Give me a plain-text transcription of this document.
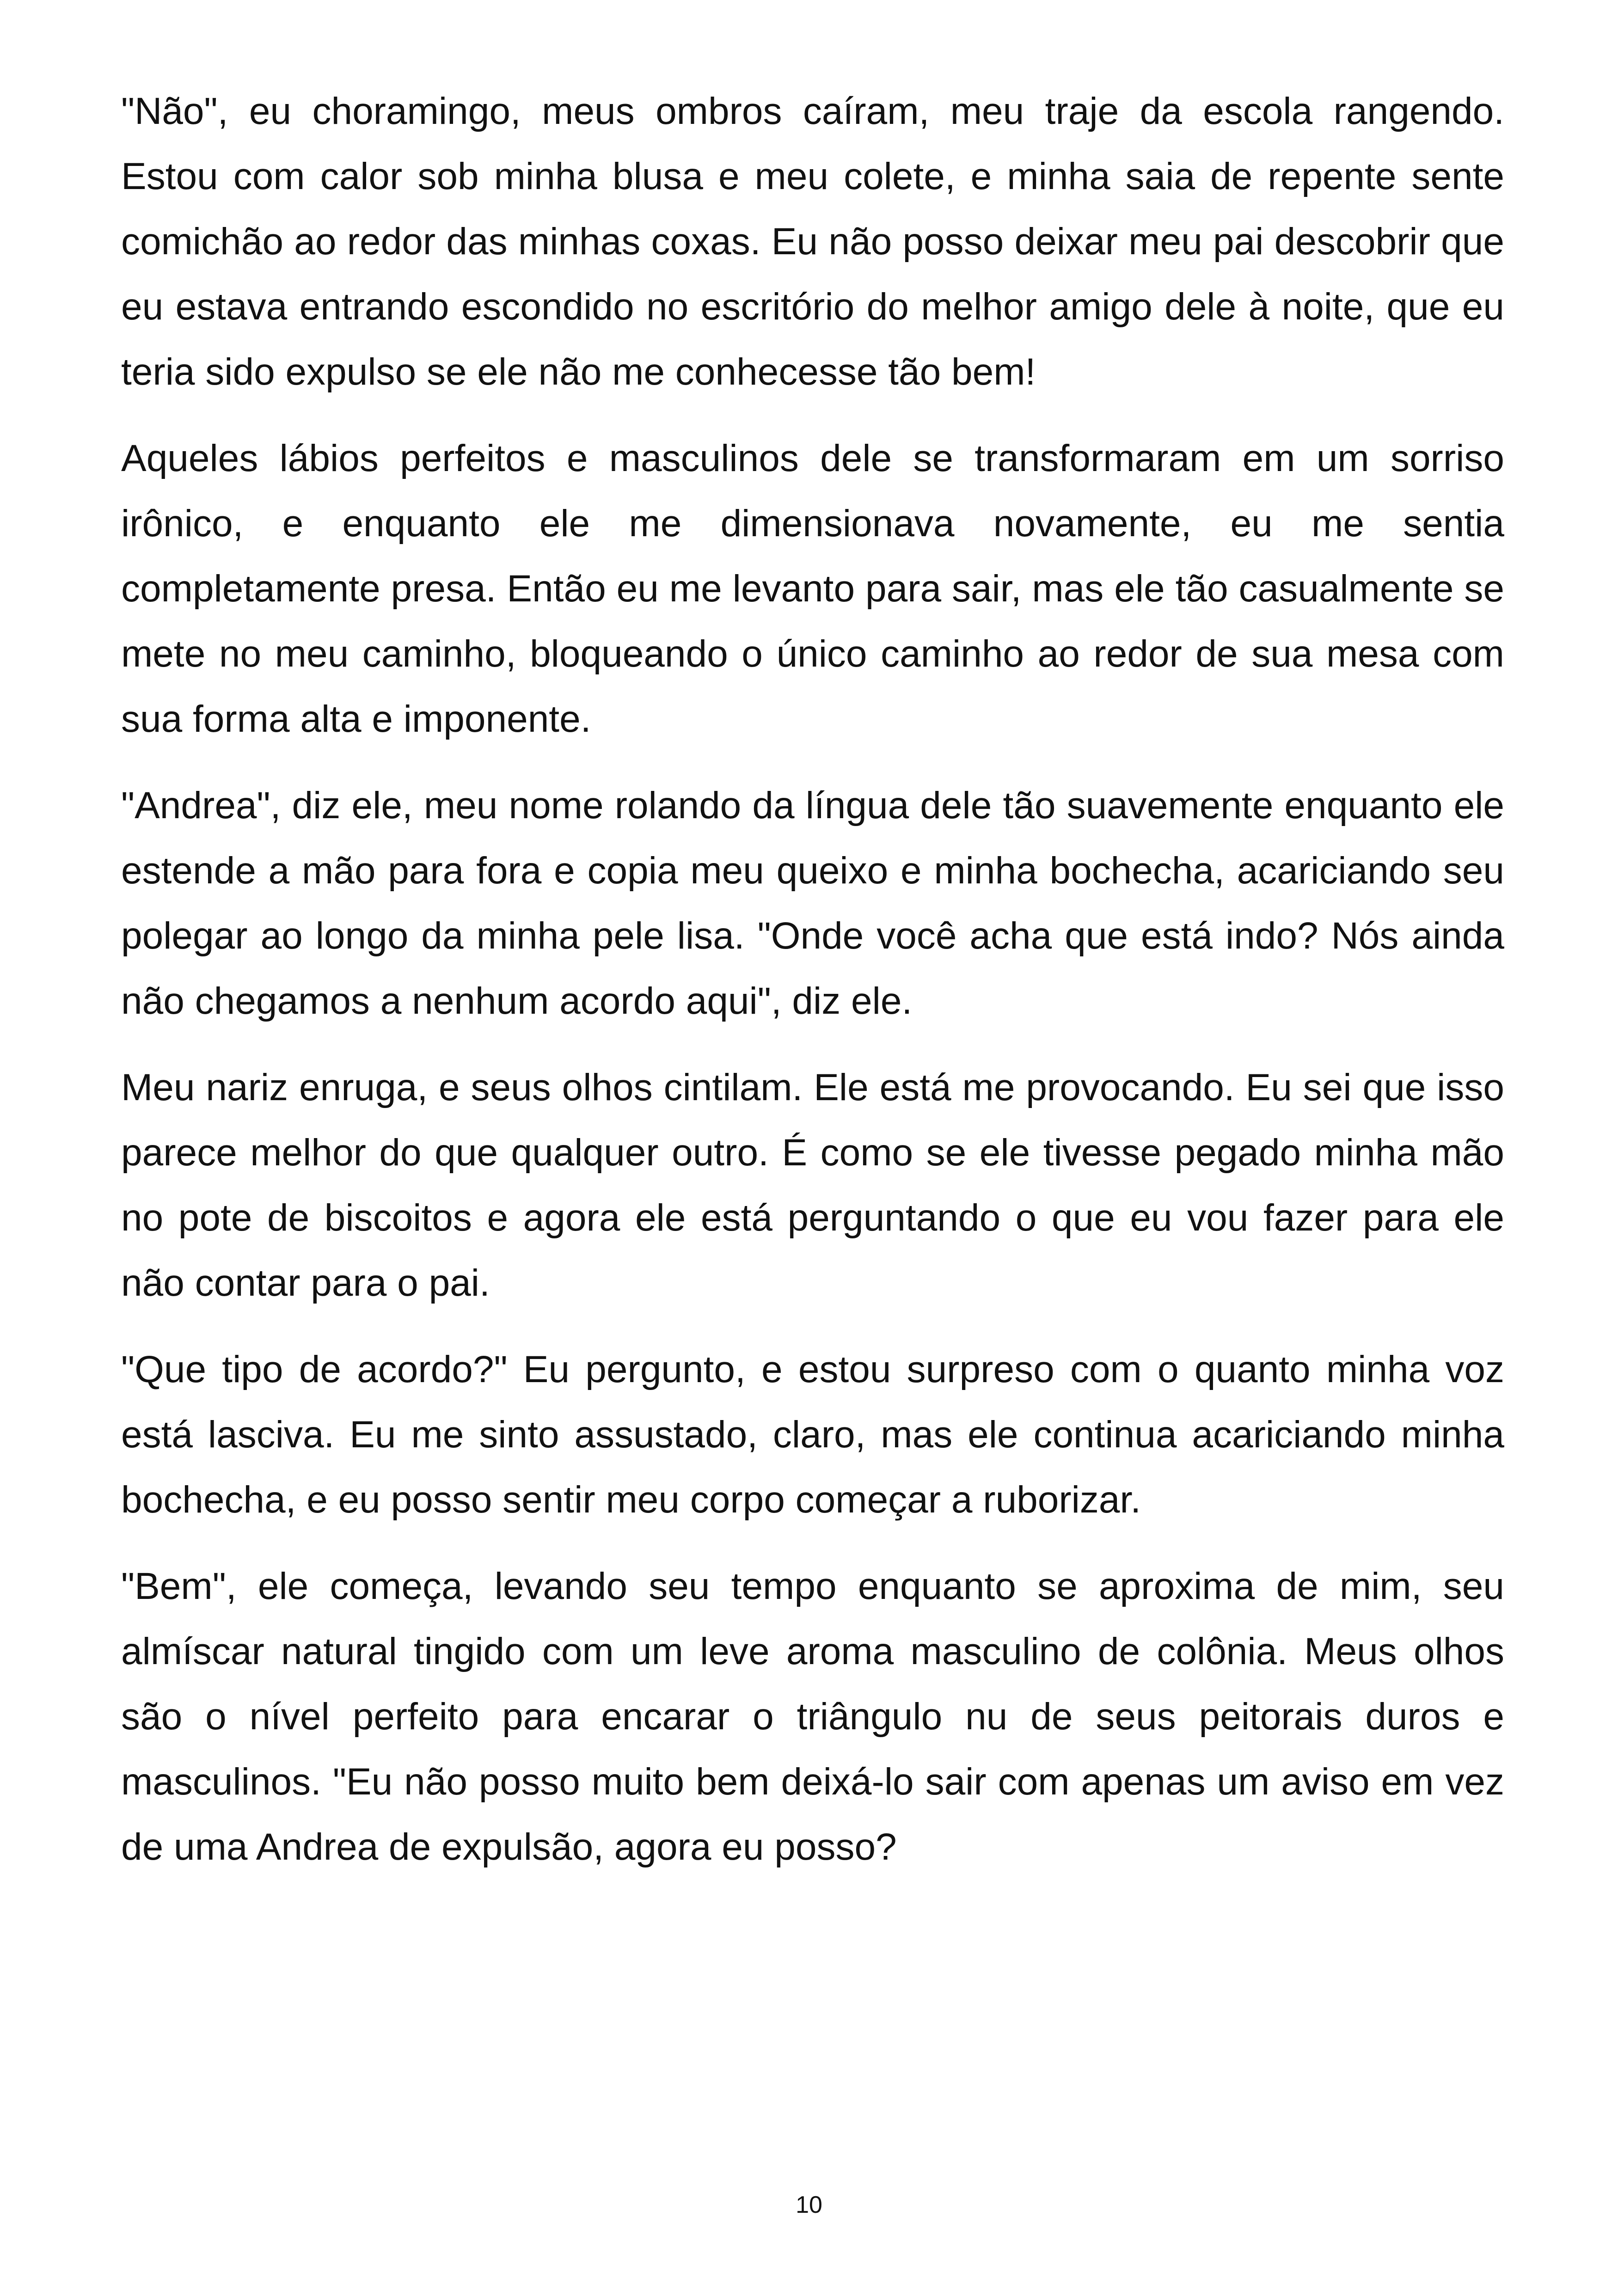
"Não", eu choramingo, meus ombros caíram, meu traje da escola rangendo. Estou com calor sob minha blusa e meu colete, e minha saia de repente sente comichão ao redor das minhas coxas. Eu não posso deixar meu pai descobrir que eu estava entrando escondido no escritório do melhor amigo dele à noite, que eu teria sido expulso se ele não me conhecesse tão bem!

Aqueles lábios perfeitos e masculinos dele se transformaram em um sorriso irônico, e enquanto ele me dimensionava novamente, eu me sentia completamente presa. Então eu me levanto para sair, mas ele tão casualmente se mete no meu caminho, bloqueando o único caminho ao redor de sua mesa com sua forma alta e imponente.

"Andrea", diz ele, meu nome rolando da língua dele tão suavemente enquanto ele estende a mão para fora e copia meu queixo e minha bochecha, acariciando seu polegar ao longo da minha pele lisa. "Onde você acha que está indo? Nós ainda não chegamos a nenhum acordo aqui", diz ele.

Meu nariz enruga, e seus olhos cintilam. Ele está me provocando. Eu sei que isso parece melhor do que qualquer outro. É como se ele tivesse pegado minha mão no pote de biscoitos e agora ele está perguntando o que eu vou fazer para ele não contar para o pai.

"Que tipo de acordo?" Eu pergunto, e estou surpreso com o quanto minha voz está lasciva. Eu me sinto assustado, claro, mas ele continua acariciando minha bochecha, e eu posso sentir meu corpo começar a ruborizar.

"Bem", ele começa, levando seu tempo enquanto se aproxima de mim, seu almíscar natural tingido com um leve aroma masculino de colônia. Meus olhos são o nível perfeito para encarar o triângulo nu de seus peitorais duros e masculinos. "Eu não posso muito bem deixá-lo sair com apenas um aviso em vez de uma Andrea de expulsão, agora eu posso?

10
